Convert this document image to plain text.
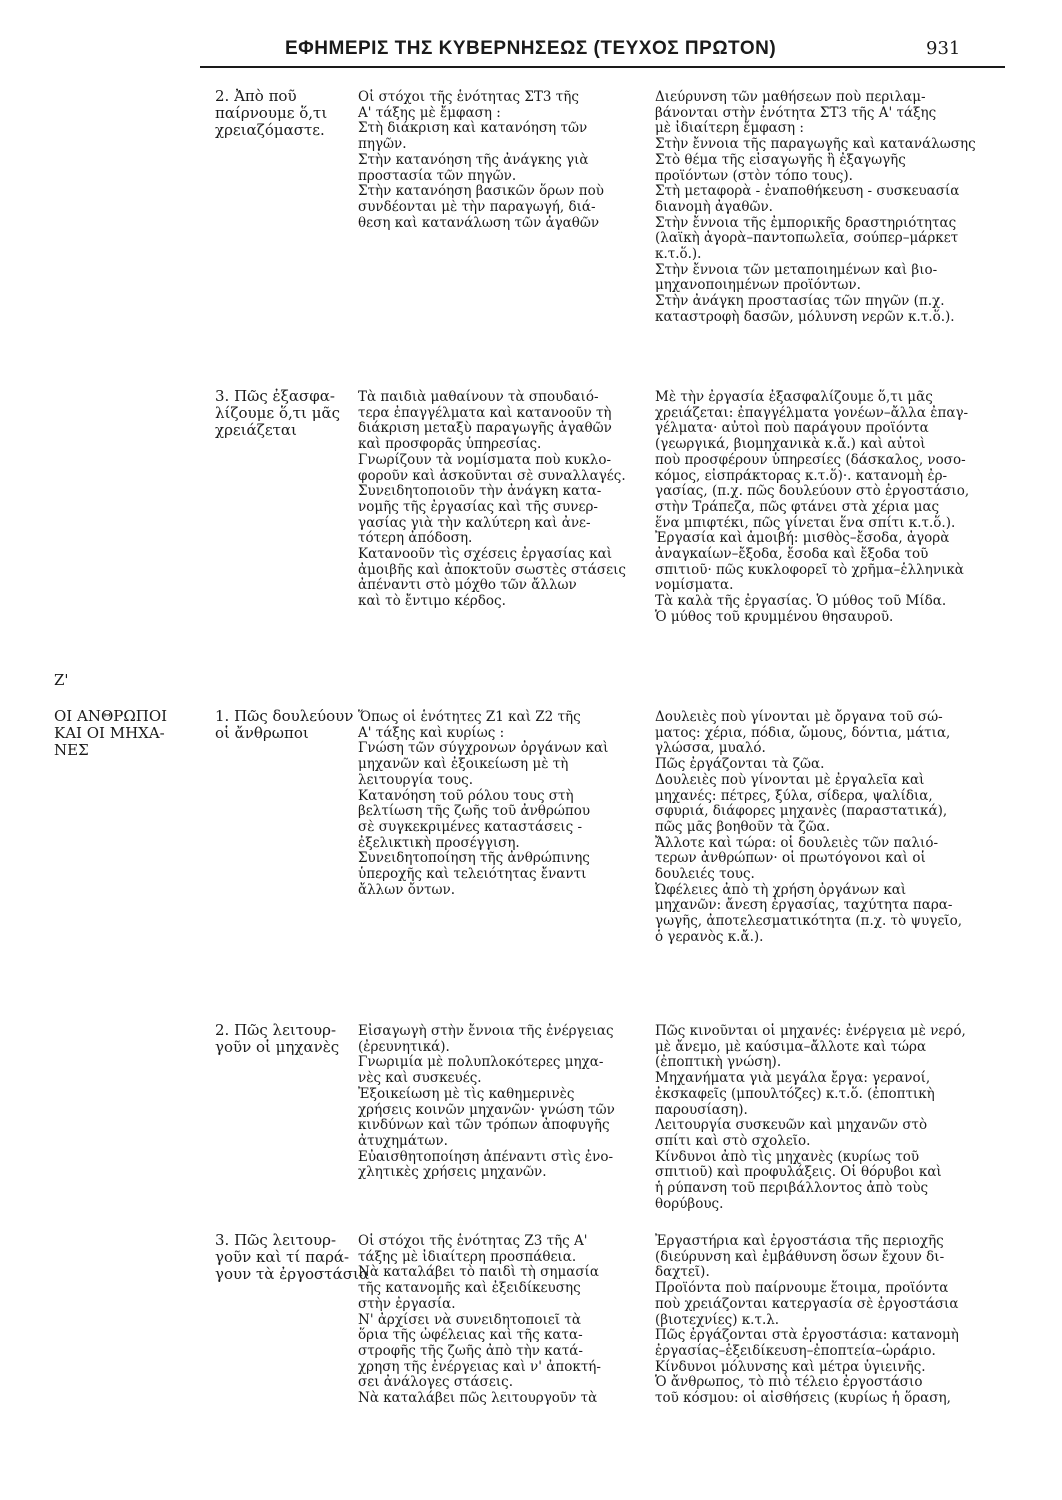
ΕΦΗΜΕΡΙΣ ΤΗΣ ΚΥΒΕΡΝΗΣΕΩΣ (ΤΕΥΧΟΣ ΠΡΩΤΟΝ)	931
Ζ'
ΟΙ ΑΝΘΡΩΠΟΙ
ΚΑΙ ΟΙ ΜΗΧΑ-
ΝΕΣ
2. Ἀπὸ ποῦ
παίρνουμε ὅ,τι
χρειαζόμαστε.
Οἱ στόχοι τῆς ἑνότητας ΣΤ3 τῆς
Α' τάξης μὲ ἔμφαση :
Στὴ διάκριση καὶ κατανόηση τῶν
πηγῶν.
Στὴν κατανόηση τῆς ἀνάγκης γιὰ
προστασία τῶν πηγῶν.
Στὴν κατανόηση βασικῶν ὅρων ποὺ
συνδέονται μὲ τὴν παραγωγή, διά-
θεση καὶ κατανάλωση τῶν ἀγαθῶν
Διεύρυνση τῶν μαθήσεων ποὺ περιλαμ-
βάνονται στὴν ἑνότητα ΣΤ3 τῆς Α' τάξης
μὲ ἰδιαίτερη ἔμφαση :
Στὴν ἔννοια τῆς παραγωγῆς καὶ κατανάλωσης
Στὸ θέμα τῆς εἰσαγωγῆς ἢ ἐξαγωγῆς
προϊόντων (στὸν τόπο τους).
Στὴ μεταφορὰ - ἐναποθήκευση - συσκευασία
διανομὴ ἀγαθῶν.
Στὴν ἔννοια τῆς ἐμπορικῆς δραστηριότητας
(λαϊκὴ ἀγορὰ–παντοπωλεῖα, σούπερ–μάρκετ
κ.τ.ὅ.).
Στὴν ἔννοια τῶν μεταποιημένων καὶ βιο-
μηχανοποιημένων προϊόντων.
Στὴν ἀνάγκη προστασίας τῶν πηγῶν (π.χ.
καταστροφὴ δασῶν, μόλυνση νερῶν κ.τ.ὅ.).
3. Πῶς ἐξασφα-
λίζουμε ὅ,τι μᾶς
χρειάζεται
Τὰ παιδιὰ μαθαίνουν τὰ σπουδαιό-
τερα ἐπαγγέλματα καὶ κατανοοῦν τὴ
διάκριση μεταξὺ παραγωγῆς ἀγαθῶν
καὶ προσφορᾶς ὑπηρεσίας.
Γνωρίζουν τὰ νομίσματα ποὺ κυκλο-
φοροῦν καὶ ἀσκοῦνται σὲ συναλλαγές.
Συνειδητοποιοῦν τὴν ἀνάγκη κατα-
νομῆς τῆς ἐργασίας καὶ τῆς συνερ-
γασίας γιὰ τὴν καλύτερη καὶ ἀνε-
τότερη ἀπόδοση.
Κατανοοῦν τὶς σχέσεις ἐργασίας καὶ
ἀμοιβῆς καὶ ἀποκτοῦν σωστὲς στάσεις
ἀπέναντι στὸ μόχθο τῶν ἄλλων
καὶ τὸ ἔντιμο κέρδος.
Μὲ τὴν ἐργασία ἐξασφαλίζουμε ὅ,τι μᾶς
χρειάζεται: ἐπαγγέλματα γονέων–ἄλλα ἐπαγ-
γέλματα· αὐτοὶ ποὺ παράγουν προϊόντα
(γεωργικά, βιομηχανικὰ κ.ἄ.) καὶ αὐτοὶ
ποὺ προσφέρουν ὑπηρεσίες (δάσκαλος, νοσο-
κόμος, εἰσπράκτορας κ.τ.ὅ)·. κατανομὴ ἐρ-
γασίας, (π.χ. πῶς δουλεύουν στὸ ἐργοστάσιο,
στὴν Τράπεζα, πῶς φτάνει στὰ χέρια μας
ἕνα μπιφτέκι, πῶς γίνεται ἕνα σπίτι κ.τ.ὅ.).
Ἐργασία καὶ ἀμοιβή: μισθὸς–ἔσοδα, ἀγορὰ
ἀναγκαίων–ἔξοδα, ἔσοδα καὶ ἔξοδα τοῦ
σπιτιοῦ· πῶς κυκλοφορεῖ τὸ χρῆμα–ἑλληνικὰ
νομίσματα.
Τὰ καλὰ τῆς ἐργασίας. Ὁ μύθος τοῦ Μίδα.
Ὁ μύθος τοῦ κρυμμένου θησαυροῦ.
1. Πῶς δουλεύουν
οἱ ἄνθρωποι
Ὅπως οἱ ἑνότητες Ζ1 καὶ Ζ2 τῆς
Α' τάξης καὶ κυρίως :
Γνώση τῶν σύγχρονων ὀργάνων καὶ
μηχανῶν καὶ ἐξοικείωση μὲ τὴ
λειτουργία τους.
Κατανόηση τοῦ ρόλου τους στὴ
βελτίωση τῆς ζωῆς τοῦ ἀνθρώπου
σὲ συγκεκριμένες καταστάσεις -
ἐξελικτικὴ προσέγγιση.
Συνειδητοποίηση τῆς ἀνθρώπινης
ὑπεροχῆς καὶ τελειότητας ἔναντι
ἄλλων ὄντων.
Δουλειὲς ποὺ γίνονται μὲ ὄργανα τοῦ σώ-
ματος: χέρια, πόδια, ὤμους, δόντια, μάτια,
γλώσσα, μυαλό.
Πῶς ἐργάζονται τὰ ζῶα.
Δουλειὲς ποὺ γίνονται μὲ ἐργαλεῖα καὶ
μηχανές: πέτρες, ξύλα, σίδερα, ψαλίδια,
σφυριά, διάφορες μηχανὲς (παραστατικά),
πῶς μᾶς βοηθοῦν τὰ ζῶα.
Ἄλλοτε καὶ τώρα: οἱ δουλειὲς τῶν παλιό-
τερων ἀνθρώπων· οἱ πρωτόγονοι καὶ οἱ
δουλειές τους.
Ὠφέλειες ἀπὸ τὴ χρήση ὀργάνων καὶ
μηχανῶν: ἄνεση ἐργασίας, ταχύτητα παρα-
γωγῆς, ἀποτελεσματικότητα (π.χ. τὸ ψυγεῖο,
ὁ γερανὸς κ.ἄ.).
2. Πῶς λειτουρ-
γοῦν οἱ μηχανὲς
Εἰσαγωγὴ στὴν ἔννοια τῆς ἐνέργειας
(ἐρευνητικά).
Γνωριμία μὲ πολυπλοκότερες μηχα-
νὲς καὶ συσκευές.
Ἐξοικείωση μὲ τὶς καθημερινὲς
χρήσεις κοινῶν μηχανῶν· γνώση τῶν
κινδύνων καὶ τῶν τρόπων ἀποφυγῆς
ἀτυχημάτων.
Εὐαισθητοποίηση ἀπέναντι στὶς ἐνο-
χλητικὲς χρήσεις μηχανῶν.
Πῶς κινοῦνται οἱ μηχανές: ἐνέργεια μὲ νερό,
μὲ ἄνεμο, μὲ καύσιμα–ἄλλοτε καὶ τώρα
(ἐποπτικὴ γνώση).
Μηχανήματα γιὰ μεγάλα ἔργα: γερανοί,
ἐκσκαφεῖς (μπουλτόζες) κ.τ.ὅ. (ἐποπτικὴ
παρουσίαση).
Λειτουργία συσκευῶν καὶ μηχανῶν στὸ
σπίτι καὶ στὸ σχολεῖο.
Κίνδυνοι ἀπὸ τὶς μηχανὲς (κυρίως τοῦ
σπιτιοῦ) καὶ προφυλάξεις. Οἱ θόρυβοι καὶ
ἡ ρύπανση τοῦ περιβάλλοντος ἀπὸ τοὺς
θορύβους.
3. Πῶς λειτουρ-
γοῦν καὶ τί παρά-
γουν τὰ ἐργοστάσια
Οἱ στόχοι τῆς ἑνότητας Ζ3 τῆς Α'
τάξης μὲ ἰδιαίτερη προσπάθεια.
Νὰ καταλάβει τὸ παιδὶ τὴ σημασία
τῆς κατανομῆς καὶ ἐξειδίκευσης
στὴν ἐργασία.
Ν' ἀρχίσει νὰ συνειδητοποιεῖ τὰ
ὅρια τῆς ὠφέλειας καὶ τῆς κατα-
στροφῆς τῆς ζωῆς ἀπὸ τὴν κατά-
χρηση τῆς ἐνέργειας καὶ ν' ἀποκτή-
σει ἀνάλογες στάσεις.
Νὰ καταλάβει πῶς λειτουργοῦν τὰ
Ἐργαστήρια καὶ ἐργοστάσια τῆς περιοχῆς
(διεύρυνση καὶ ἐμβάθυνση ὅσων ἔχουν δι-
δαχτεῖ).
Προϊόντα ποὺ παίρνουμε ἕτοιμα, προϊόντα
ποὺ χρειάζονται κατεργασία σὲ ἐργοστάσια
(βιοτεχνίες) κ.τ.λ.
Πῶς ἐργάζονται στὰ ἐργοστάσια: κατανομὴ
ἐργασίας–ἐξειδίκευση–ἐποπτεία–ὡράριο.
Κίνδυνοι μόλυνσης καὶ μέτρα ὑγιεινῆς.
Ὁ ἄνθρωπος, τὸ πιὸ τέλειο ἐργοστάσιο
τοῦ κόσμου: οἱ αἰσθήσεις (κυρίως ἡ ὅραση,
